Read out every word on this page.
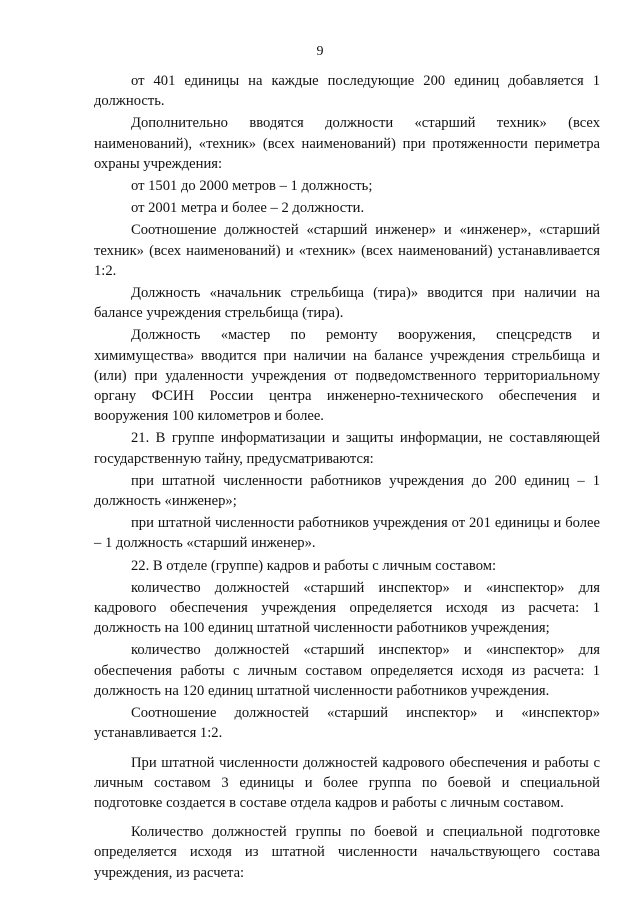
9

от 401 единицы на каждые последующие 200 единиц добавляется 1 должность.

Дополнительно вводятся должности «старший техник» (всех наименований), «техник» (всех наименований) при протяженности периметра охраны учреждения:

от 1501 до 2000 метров – 1 должность;

от 2001 метра и более – 2 должности.

Соотношение должностей «старший инженер» и «инженер», «старший техник» (всех наименований) и «техник» (всех наименований) устанавливается 1:2.

Должность «начальник стрельбища (тира)» вводится при наличии на балансе учреждения стрельбища (тира).

Должность «мастер по ремонту вооружения, спецсредств и химимущества» вводится при наличии на балансе учреждения стрельбища и (или) при удаленности учреждения от подведомственного территориальному органу ФСИН России центра инженерно-технического обеспечения и вооружения 100 километров и более.

21. В группе информатизации и защиты информации, не составляющей государственную тайну, предусматриваются:

при штатной численности работников учреждения до 200 единиц – 1 должность «инженер»;

при штатной численности работников учреждения от 201 единицы и более – 1 должность «старший инженер».

22. В отделе (группе) кадров и работы с личным составом:

количество должностей «старший инспектор» и «инспектор» для кадрового обеспечения учреждения определяется исходя из расчета: 1 должность на 100 единиц штатной численности работников учреждения;

количество должностей «старший инспектор» и «инспектор» для обеспечения работы с личным составом определяется исходя из расчета: 1 должность на 120 единиц штатной численности работников учреждения.

Соотношение должностей «старший инспектор» и «инспектор» устанавливается 1:2.

При штатной численности должностей кадрового обеспечения и работы с личным составом 3 единицы и более группа по боевой и специальной подготовке создается в составе отдела кадров и работы с личным составом.

Количество должностей группы по боевой и специальной подготовке определяется исходя из штатной численности начальствующего состава учреждения, из расчета:
